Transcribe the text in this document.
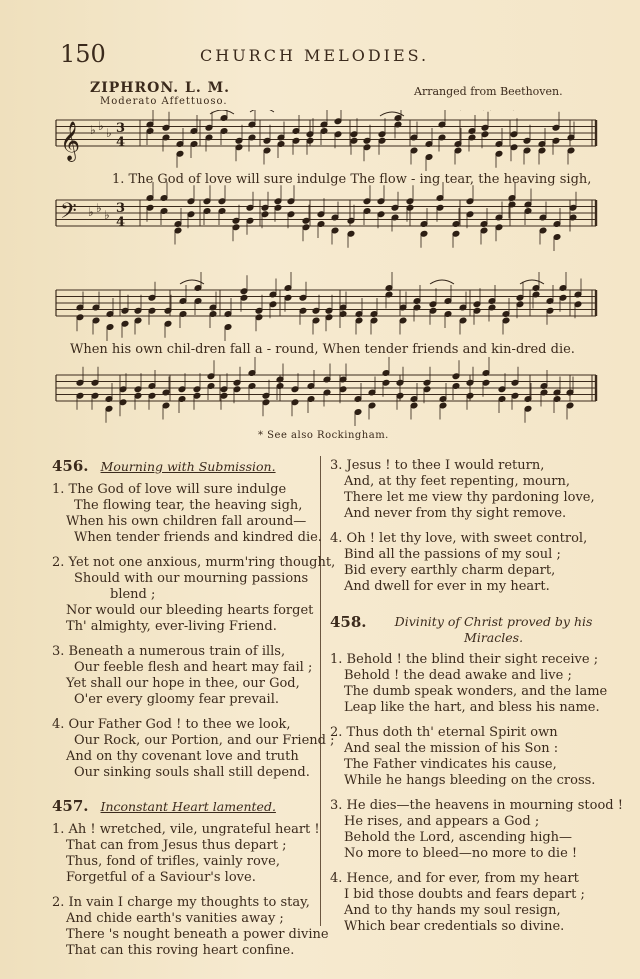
150	CHURCH MELODIES.
ZIPHRON. L. M.
Moderato Affettuoso.
Arranged from Beethoven.
𝄞
𝄢
♭ ♭ ♭
♭ ♭ ♭
3
4
3
4
1. The God of love will sure indulge The flow - ing tear, the heaving sigh,
When his own chil-dren fall a - round, When tender friends and kin-dred die.
* See also Rockingham.
456. Mourning with Submission.
1. The God of love will sure indulge
The flowing tear, the heaving sigh,
When his own children fall around—
When tender friends and kindred die.
2. Yet not one anxious, murm'ring thought,
Should with our mourning passions
blend ;
Nor would our bleeding hearts forget
Th' almighty, ever-living Friend.
3. Beneath a numerous train of ills,
Our feeble flesh and heart may fail ;
Yet shall our hope in thee, our God,
O'er every gloomy fear prevail.
4. Our Father God ! to thee we look,
Our Rock, our Portion, and our Friend ;
And on thy covenant love and truth
Our sinking souls shall still depend.
457. Inconstant Heart lamented.
1. Ah ! wretched, vile, ungrateful heart !
That can from Jesus thus depart ;
Thus, fond of trifles, vainly rove,
Forgetful of a Saviour's love.
2. In vain I charge my thoughts to stay,
And chide earth's vanities away ;
There 's nought beneath a power divine
That can this roving heart confine.
3. Jesus ! to thee I would return,
And, at thy feet repenting, mourn,
There let me view thy pardoning love,
And never from thy sight remove.
4. Oh ! let thy love, with sweet control,
Bind all the passions of my soul ;
Bid every earthly charm depart,
And dwell for ever in my heart.
458. Divinity of Christ proved by his Miracles.
1. Behold ! the blind their sight receive ;
Behold ! the dead awake and live ;
The dumb speak wonders, and the lame
Leap like the hart, and bless his name.
2. Thus doth th' eternal Spirit own
And seal the mission of his Son :
The Father vindicates his cause,
While he hangs bleeding on the cross.
3. He dies—the heavens in mourning stood !
He rises, and appears a God ;
Behold the Lord, ascending high—
No more to bleed—no more to die !
4. Hence, and for ever, from my heart
I bid those doubts and fears depart ;
And to thy hands my soul resign,
Which bear credentials so divine.
